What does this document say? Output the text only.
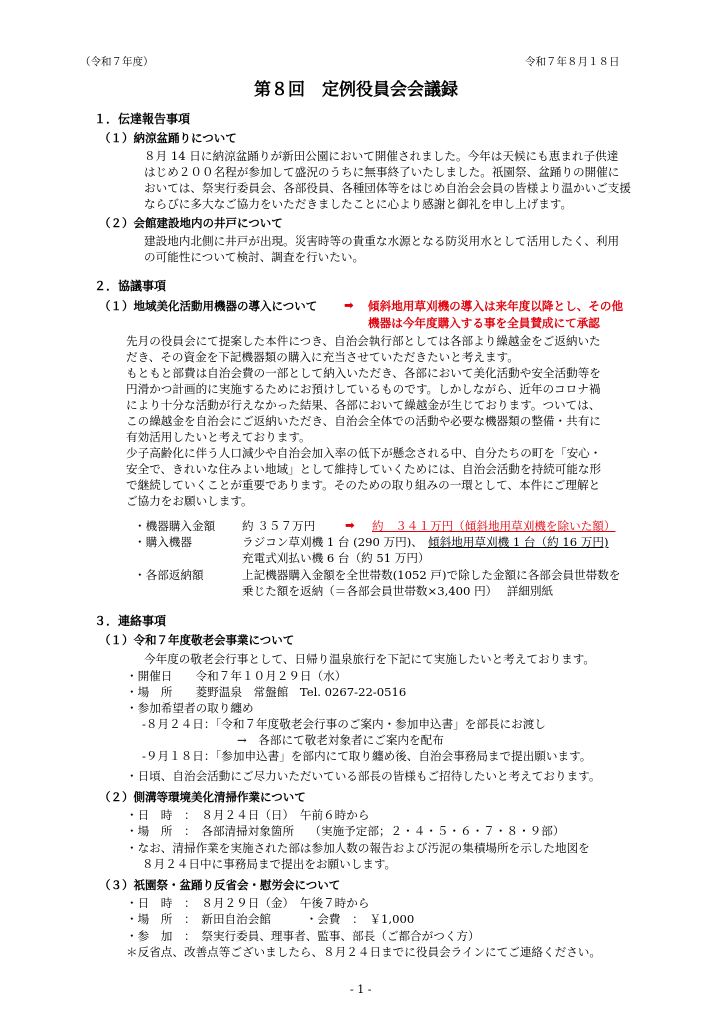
（令和７年度）	令和７年８月１８日
第８回　定例役員会会議録
１．伝達報告事項
（１）納涼盆踊りについて
８月 14 日に納涼盆踊りが新田公園において開催されました。今年は天候にも恵まれ子供達
はじめ２００名程が参加して盛況のうちに無事終了いたしました。祇園祭、盆踊りの開催に
おいては、祭実行委員会、各部役員、各種団体等をはじめ自治会会員の皆様より温かいご支援
ならびに多大なご協力をいただきましたことに心より感謝と御礼を申し上げます。
（２）会館建設地内の井戸について
建設地内北側に井戸が出現。災害時等の貴重な水源となる防災用水として活用したく、利用
の可能性について検討、調査を行いたい。
２．協議事項
（１）地域美化活動用機器の導入について ➡ 傾斜地用草刈機の導入は来年度以降とし、その他
機器は今年度購入する事を全員賛成にて承認
先月の役員会にて提案した本件につき、自治会執行部としては各部より繰越金をご返納いた
だき、その資金を下記機器類の購入に充当させていただきたいと考えます。
もともと部費は自治会費の一部として納入いただき、各部において美化活動や安全活動等を
円滑かつ計画的に実施するためにお預けしているものです。しかしながら、近年のコロナ禍
により十分な活動が行えなかった結果、各部において繰越金が生じております。ついては、
この繰越金を自治会にご返納いただき、自治会全体での活動や必要な機器類の整備・共有に
有効活用したいと考えております。
少子高齢化に伴う人口減少や自治会加入率の低下が懸念される中、自分たちの町を「安心・
安全で、きれいな住みよい地域」として維持していくためには、自治会活動を持続可能な形
で継続していくことが重要であります。そのための取り組みの一環として、本件にご理解と
ご協力をお願いします。
・機器購入金額 約 ３５７万円	➡ 約　３４１万円（傾斜地用草刈機を除いた額）
・購入機器	ラジコン草刈機 1 台 (290 万円)、 傾斜地用草刈機 1 台（約 16 万円)
充電式刈払い機 6 台（約 51 万円）
・各部返納額	上記機器購入金額を全世帯数(1052 戸)で除した金額に各部会員世帯数を
乗じた額を返納（＝各部会員世帯数×3,400 円）　 詳細別紙
３．連絡事項
（１）令和７年度敬老会事業について
今年度の敬老会行事として、日帰り温泉旅行を下記にて実施したいと考えております。
・開催日　　令和７年１０月２９日（水）
・場　所　　菱野温泉　常盤館　Tel. 0267-22-0516
・参加希望者の取り纏め
-８月２４日：「令和７年度敬老会行事のご案内・参加申込書」を部長にお渡し
→　各部にて敬老対象者にご案内を配布
-９月１８日：「参加申込書」を部内にて取り纏め後、自治会事務局まで提出願います。
・日頃、自治会活動にご尽力いただいている部長の皆様もご招待したいと考えております。
（２）側溝等環境美化清掃作業について
・日　時　：　８月２４日（日）　午前６時から
・場　所　：　各部清掃対象箇所　 （実施予定部；２・４・５・６・７・８・９部）
・なお、清掃作業を実施された部は参加人数の報告および汚泥の集積場所を示した地図を
８月２４日中に事務局まで提出をお願いします。
（３）祇園祭・盆踊り反省会・慰労会について
・日　時　：　８月２９日（金）　午後７時から
・場　所　：　新田自治会館　　　・会費　：　￥1,000
・参　加　：　祭実行委員、理事者、監事、部長（ご都合がつく方）
＊反省点、改善点等ございましたら、８月２４日までに役員会ラインにてご連絡ください。
- 1 -
